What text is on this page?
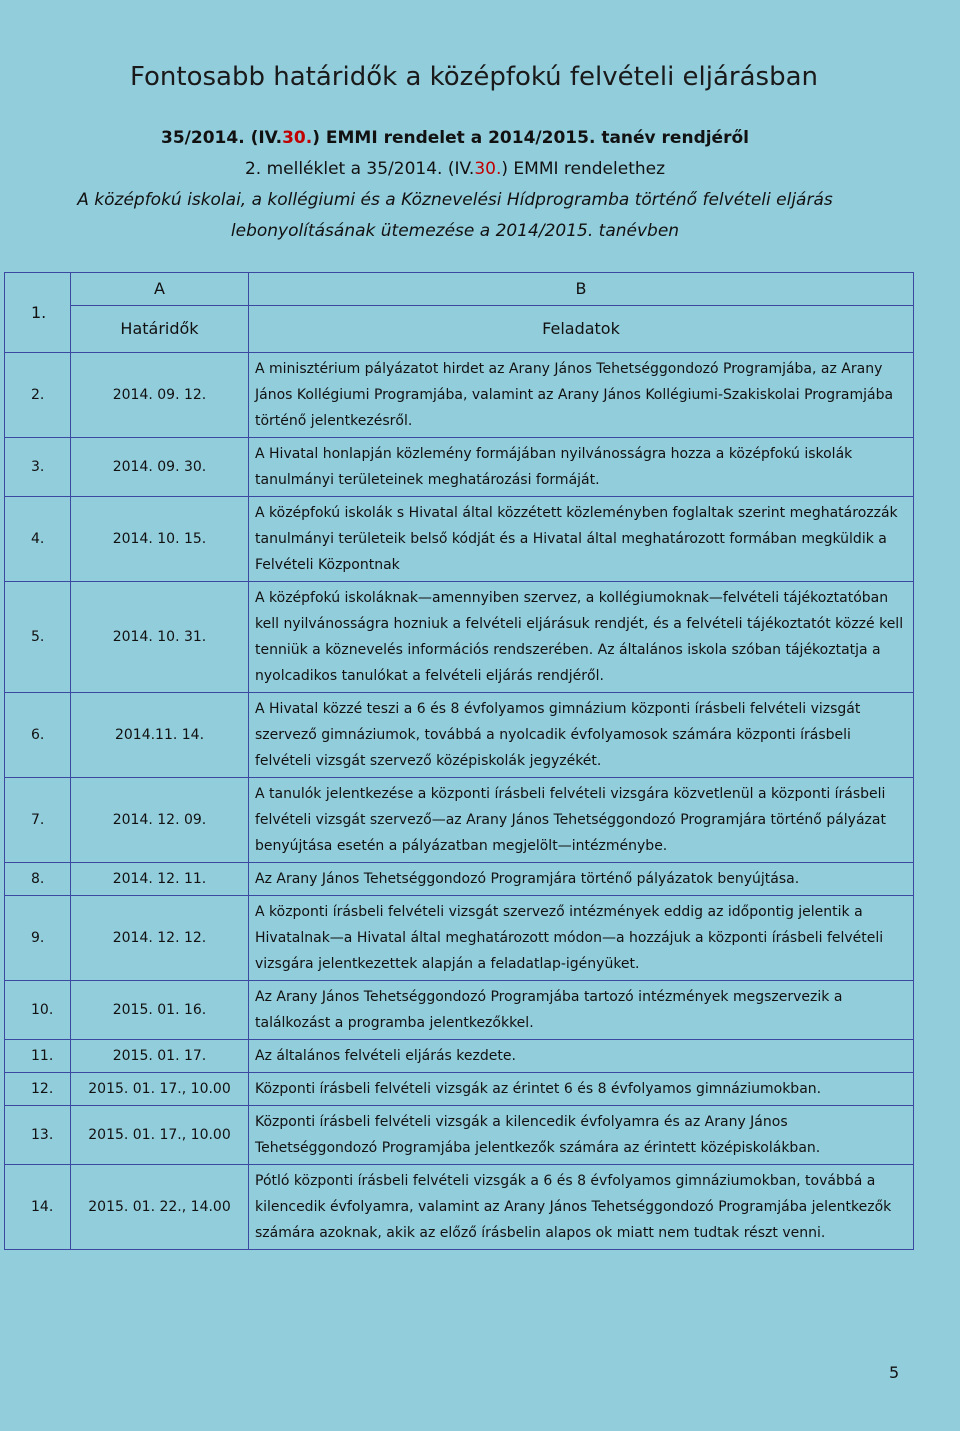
Fontosabb határidők a középfokú felvételi eljárásban
35/2014. (IV.30.) EMMI rendelet a 2014/2015. tanév rendjéről
2. melléklet a 35/2014. (IV.30.) EMMI rendelethez
A középfokú iskolai, a kollégiumi és a Köznevelési Hídprogramba történő felvételi eljárás
lebonyolításának ütemezése a 2014/2015. tanévben
1.	A	B
	Határidők	Feladatok
2.	2014. 09. 12.	A minisztérium pályázatot hirdet az Arany János Tehetséggondozó Programjába, az Arany János Kollégiumi Programjába, valamint az Arany János Kollégiumi-Szakiskolai Programjába történő jelentkezésről.
3.	2014. 09. 30.	A Hivatal honlapján közlemény formájában nyilvánosságra hozza a középfokú iskolák tanulmányi területeinek meghatározási formáját.
4.	2014. 10. 15.	A középfokú iskolák s Hivatal által közzétett közleményben foglaltak szerint meghatározzák tanulmányi területeik belső kódját és a Hivatal által meghatározott formában megküldik a Felvételi Központnak
5.	2014. 10. 31.	A középfokú iskoláknak—amennyiben szervez, a kollégiumoknak—felvételi tájékoztatóban kell nyilvánosságra hozniuk a felvételi eljárásuk rendjét, és a felvételi tájékoztatót közzé kell tenniük a köznevelés információs rendszerében. Az általános iskola szóban tájékoztatja a nyolcadikos tanulókat a felvételi eljárás rendjéről.
6.	2014.11. 14.	A Hivatal közzé teszi a 6 és 8 évfolyamos gimnázium központi írásbeli felvételi vizsgát szervező gimnáziumok, továbbá a nyolcadik évfolyamosok számára központi írásbeli felvételi vizsgát szervező középiskolák jegyzékét.
7.	2014. 12. 09.	A tanulók jelentkezése a központi írásbeli felvételi vizsgára közvetlenül a központi írásbeli felvételi vizsgát szervező—az Arany János Tehetséggondozó Programjára történő pályázat benyújtása esetén a pályázatban megjelölt—intézménybe.
8.	2014. 12. 11.	Az Arany János Tehetséggondozó Programjára történő pályázatok benyújtása.
9.	2014. 12. 12.	A központi írásbeli felvételi vizsgát szervező intézmények eddig az időpontig jelentik a Hivatalnak—a Hivatal által meghatározott módon—a hozzájuk a központi írásbeli felvételi vizsgára jelentkezettek alapján a feladatlap-igényüket.
10.	2015. 01. 16.	Az Arany János Tehetséggondozó Programjába tartozó intézmények megszervezik a találkozást a programba jelentkezőkkel.
11.	2015. 01. 17.	Az általános felvételi eljárás kezdete.
12.	2015. 01. 17., 10.00	Központi írásbeli felvételi vizsgák az érintet 6 és 8 évfolyamos gimnáziumokban.
13.	2015. 01. 17., 10.00	Központi írásbeli felvételi vizsgák a kilencedik évfolyamra és az Arany János Tehetséggondozó Programjába jelentkezők számára az érintett középiskolákban.
14.	2015. 01. 22., 14.00	Pótló központi írásbeli felvételi vizsgák a 6 és 8 évfolyamos gimnáziumokban, továbbá a kilencedik évfolyamra, valamint az Arany János Tehetséggondozó Programjába jelentkezők számára azoknak, akik az előző írásbelin alapos ok miatt nem tudtak részt venni.
5
